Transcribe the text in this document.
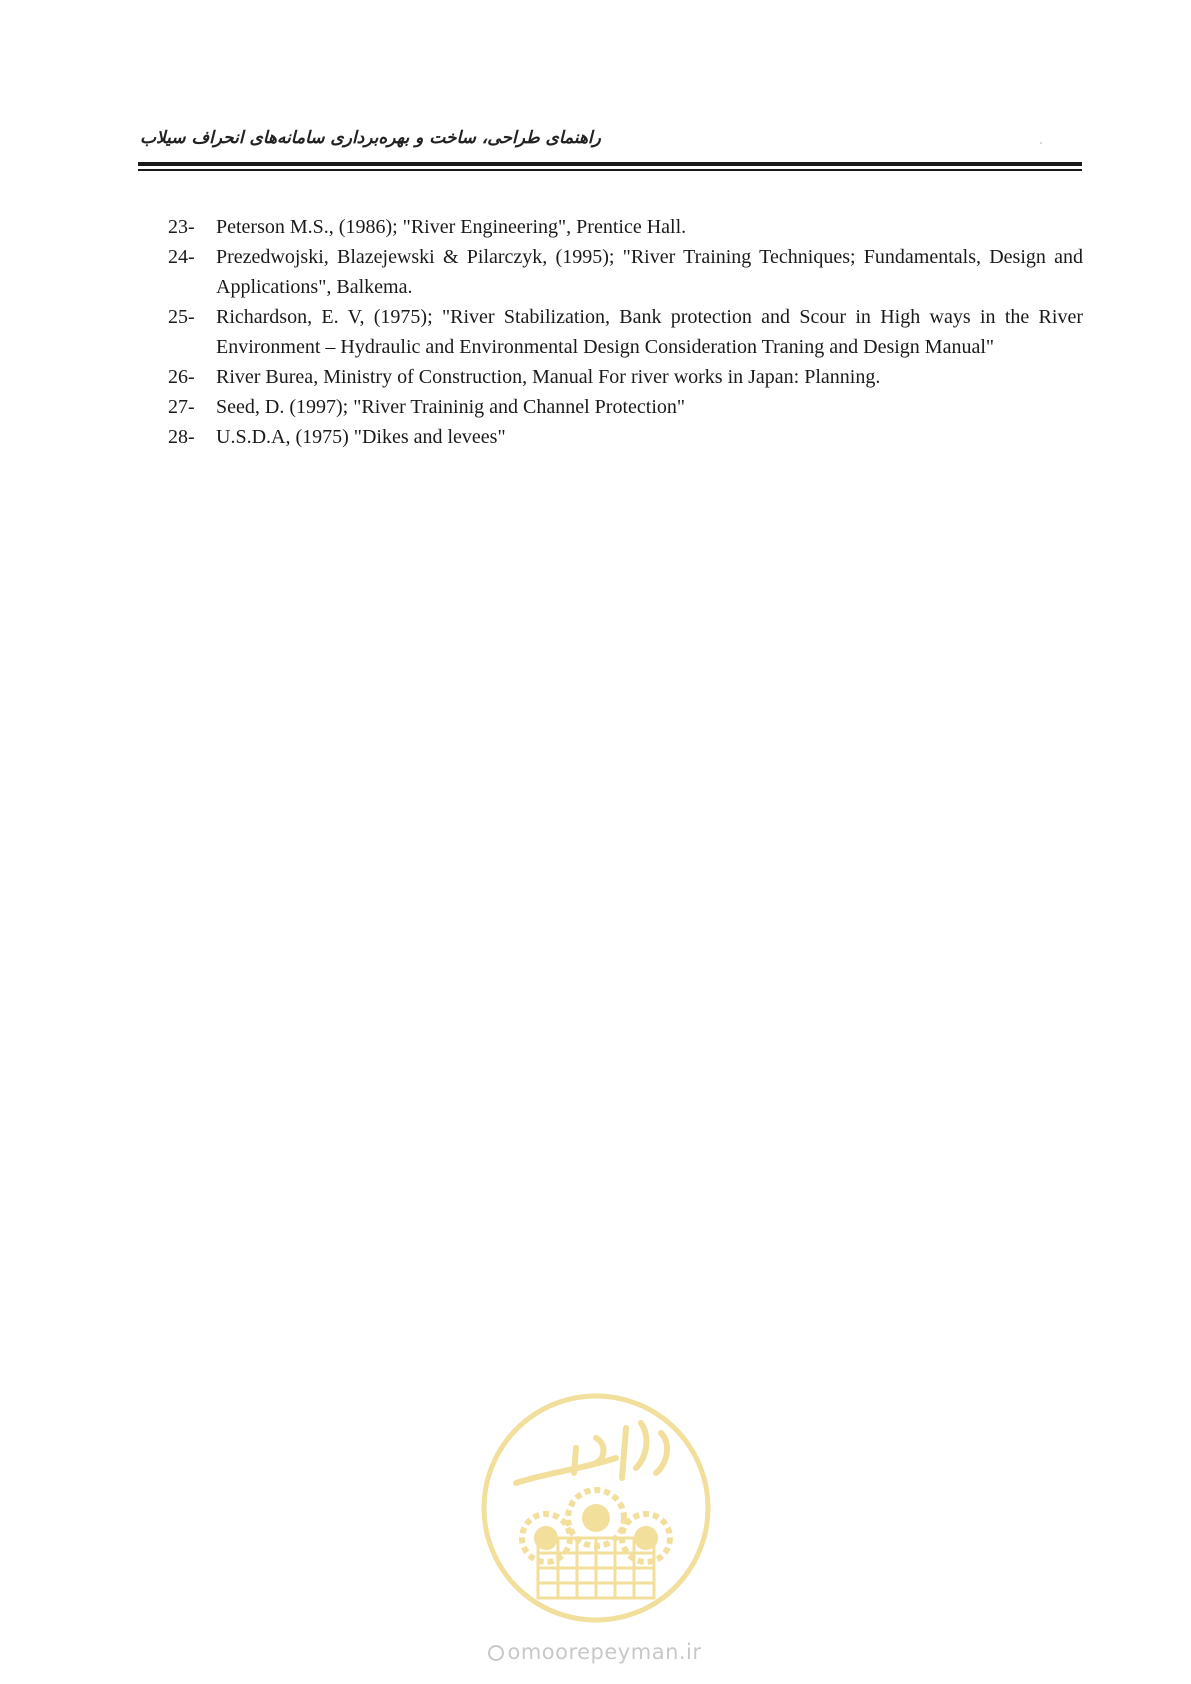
راهنمای طراحی، ساخت و بهره‌برداری سامانه‌های انحراف سیلاب
23- Peterson M.S., (1986); "River Engineering", Prentice Hall.
24- Prezedwojski, Blazejewski & Pilarczyk, (1995); "River Training Techniques; Fundamentals, Design and Applications", Balkema.
25- Richardson, E. V, (1975); "River Stabilization, Bank protection and Scour in High ways in the River Environment – Hydraulic and Environmental Design Consideration Traning and Design Manual"
26- River Burea, Ministry of Construction, Manual For river works in Japan: Planning.
27- Seed, D. (1997); "River Traininig and Channel Protection"
28- U.S.D.A, (1975) "Dikes and levees"
امور پیمان
omoorepeyman.ir
